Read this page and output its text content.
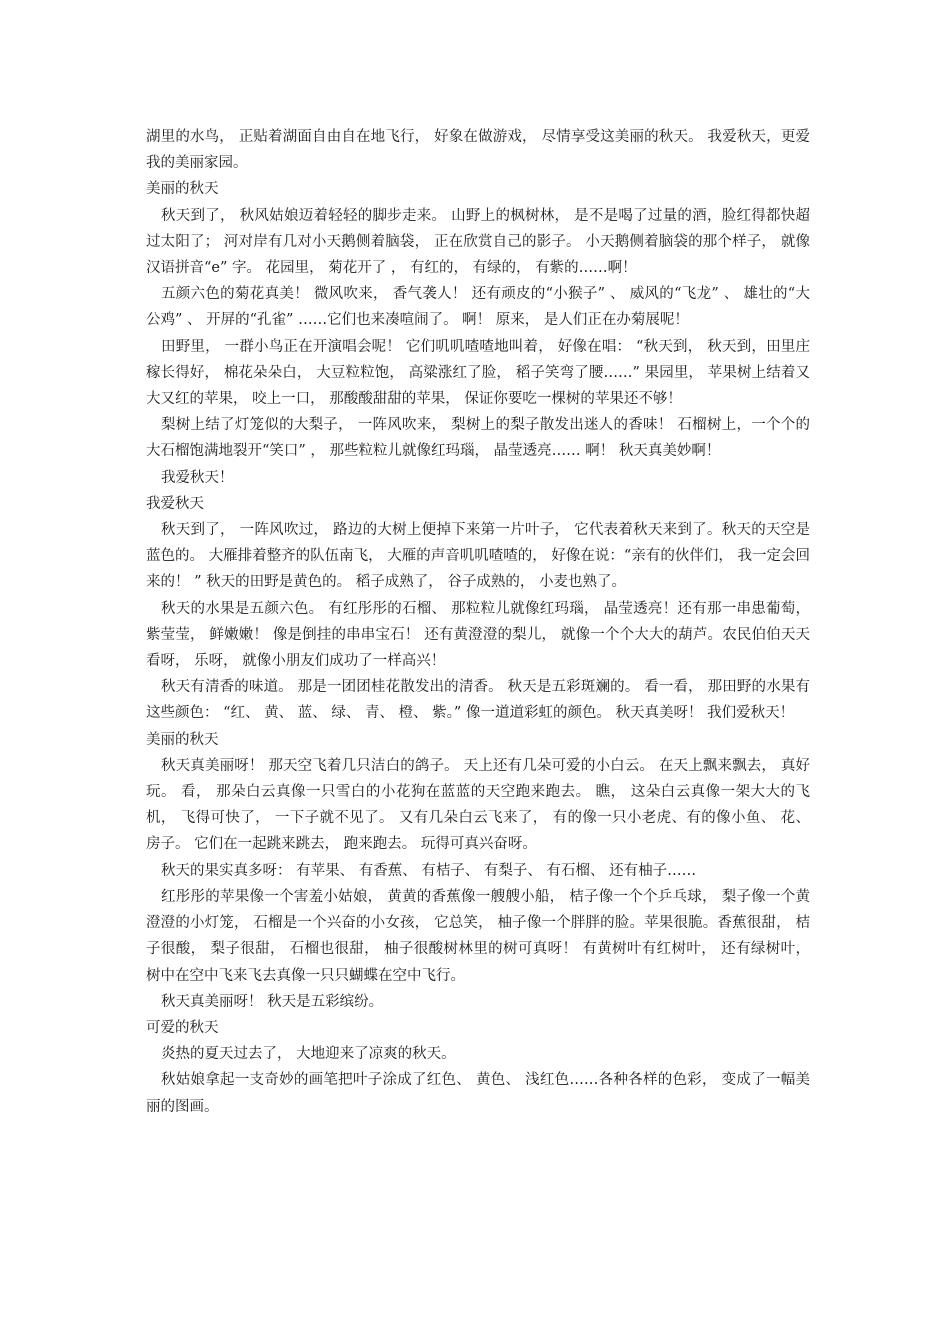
湖里的水鸟， 正贴着湖面自由自在地飞行， 好象在做游戏， 尽情享受这美丽的秋天。 我爱秋天，更爱我的美丽家园。

美丽的秋天

秋天到了， 秋风姑娘迈着轻轻的脚步走来。 山野上的枫树林， 是不是喝了过量的酒，脸红得都快超过太阳了； 河对岸有几对小天鹅侧着脑袋， 正在欣赏自己的影子。 小天鹅侧着脑袋的那个样子， 就像汉语拼音“e” 字。 花园里， 菊花开了 ， 有红的， 有绿的， 有紫的……啊！

五颜六色的菊花真美！ 微风吹来， 香气袭人！ 还有顽皮的“小猴子” 、 威风的“飞龙” 、 雄壮的“大公鸡” 、 开屏的“孔雀” ……它们也来凑喧闹了。 啊！ 原来， 是人们正在办菊展呢！

田野里， 一群小鸟正在开演唱会呢！ 它们叽叽喳喳地叫着， 好像在唱： “秋天到， 秋天到，田里庄稼长得好， 棉花朵朵白， 大豆粒粒饱， 高粱涨红了脸， 稻子笑弯了腰……” 果园里， 苹果树上结着又大又红的苹果， 咬上一口， 那酸酸甜甜的苹果， 保证你要吃一棵树的苹果还不够！

梨树上结了灯笼似的大梨子， 一阵风吹来， 梨树上的梨子散发出迷人的香味！ 石榴树上，一个个的大石榴饱满地裂开“笑口” ， 那些粒粒儿就像红玛瑙， 晶莹透亮…… 啊！ 秋天真美妙啊！

我爱秋天！

我爱秋天

秋天到了， 一阵风吹过， 路边的大树上便掉下来第一片叶子， 它代表着秋天来到了。秋天的天空是蓝色的。 大雁排着整齐的队伍南飞， 大雁的声音叽叽喳喳的， 好像在说：“亲有的伙伴们， 我一定会回来的！ ” 秋天的田野是黄色的。 稻子成熟了， 谷子成熟的， 小麦也熟了。

秋天的水果是五颜六色。 有红彤彤的石榴、 那粒粒儿就像红玛瑙， 晶莹透亮！还有那一串患葡萄， 紫莹莹， 鲜嫩嫩！ 像是倒挂的串串宝石！ 还有黄澄澄的梨儿， 就像一个个大大的葫芦。农民伯伯天天看呀， 乐呀， 就像小朋友们成功了一样高兴！

秋天有清香的味道。 那是一团团桂花散发出的清香。 秋天是五彩斑斓的。 看一看， 那田野的水果有这些颜色： “红、 黄、 蓝、 绿、 青、 橙、 紫。” 像一道道彩虹的颜色。 秋天真美呀！ 我们爱秋天！

美丽的秋天

秋天真美丽呀！ 那天空飞着几只洁白的鸽子。 天上还有几朵可爱的小白云。 在天上飘来飘去， 真好玩。 看， 那朵白云真像一只雪白的小花狗在蓝蓝的天空跑来跑去。 瞧， 这朵白云真像一架大大的飞机， 飞得可快了， 一下子就不见了。 又有几朵白云飞来了， 有的像一只小老虎、有的像小鱼、 花、 房子。 它们在一起跳来跳去， 跑来跑去。 玩得可真兴奋呀。

秋天的果实真多呀： 有苹果、 有香蕉、 有桔子、 有梨子、 有石榴、 还有柚子……

红彤彤的苹果像一个害羞小姑娘， 黄黄的香蕉像一艘艘小船， 桔子像一个个乒乓球， 梨子像一个黄澄澄的小灯笼， 石榴是一个兴奋的小女孩， 它总笑， 柚子像一个胖胖的脸。苹果很脆。香蕉很甜， 桔子很酸， 梨子很甜， 石榴也很甜， 柚子很酸树林里的树可真呀！ 有黄树叶有红树叶， 还有绿树叶， 树中在空中飞来飞去真像一只只蝴蝶在空中飞行。

秋天真美丽呀！ 秋天是五彩缤纷。

可爱的秋天

炎热的夏天过去了， 大地迎来了凉爽的秋天。

秋姑娘拿起一支奇妙的画笔把叶子涂成了红色、 黄色、 浅红色……各种各样的色彩， 变成了一幅美丽的图画。
